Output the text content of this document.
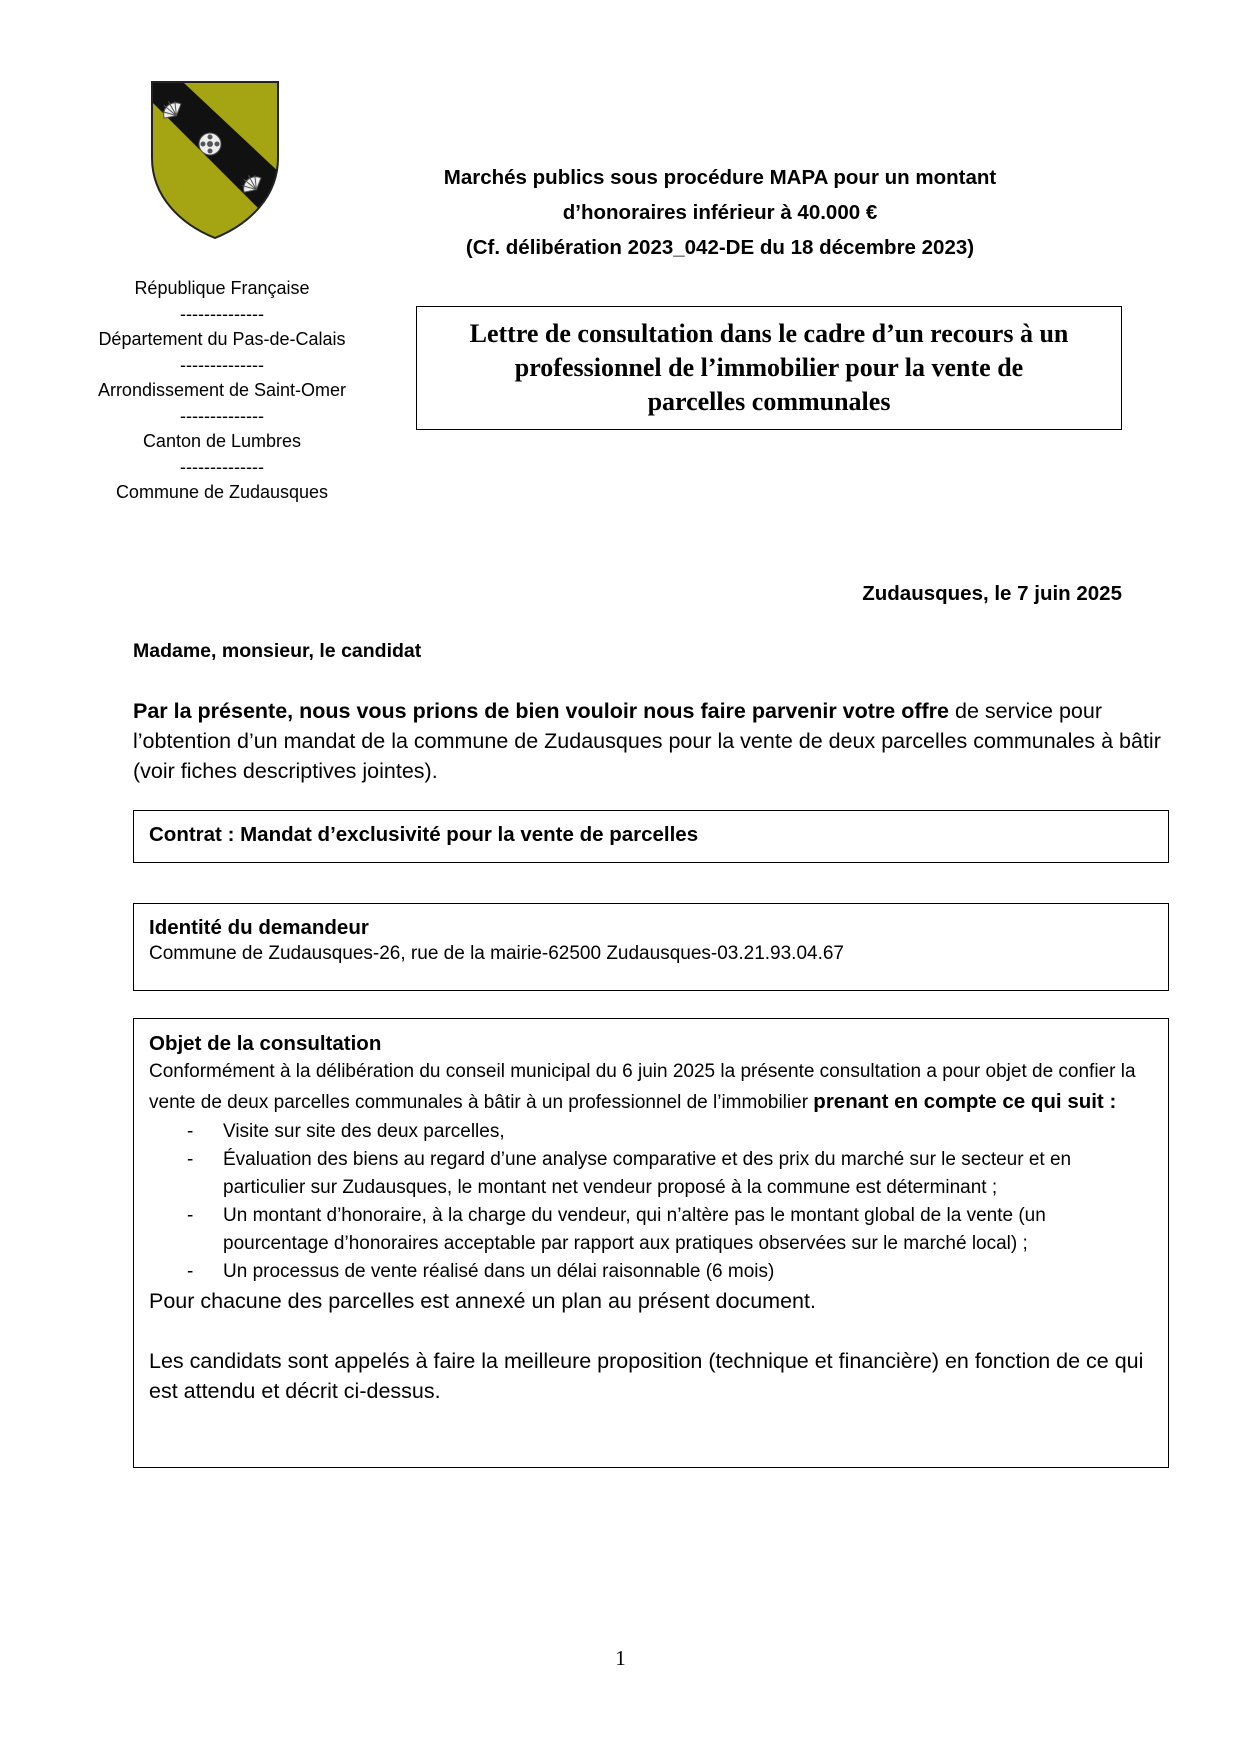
République Française
--------------
Département du Pas-de-Calais
--------------
Arrondissement de Saint-Omer
--------------
Canton de Lumbres
--------------
Commune de Zudausques
Marchés publics sous procédure MAPA pour un montant
d’honoraires inférieur à 40.000 €
(Cf. délibération 2023_042-DE du 18 décembre 2023)
Lettre de consultation dans le cadre d’un recours à un
professionnel de l’immobilier pour la vente de
parcelles communales
Zudausques, le 7 juin 2025
Madame, monsieur, le candidat
Par la présente, nous vous prions de bien vouloir nous faire parvenir votre offre de service pour l’obtention d’un mandat de la commune de Zudausques pour la vente de deux parcelles communales à bâtir (voir fiches descriptives jointes).
Contrat : Mandat d’exclusivité pour la vente de parcelles
Identité du demandeur
Commune de Zudausques-26, rue de la mairie-62500 Zudausques-03.21.93.04.67
Objet de la consultation
Conformément à la délibération du conseil municipal du 6 juin 2025 la présente consultation a pour objet de confier la vente de deux parcelles communales à bâtir à un professionnel de l’immobilier prenant en compte ce qui suit :
- Visite sur site des deux parcelles,
- Évaluation des biens au regard d’une analyse comparative et des prix du marché sur le secteur et en particulier sur Zudausques, le montant net vendeur proposé à la commune est déterminant ;
- Un montant d’honoraire, à la charge du vendeur, qui n’altère pas le montant global de la vente (un pourcentage d’honoraires acceptable par rapport aux pratiques observées sur le marché local) ;
- Un processus de vente réalisé dans un délai raisonnable (6 mois)
Pour chacune des parcelles est annexé un plan au présent document.
Les candidats sont appelés à faire la meilleure proposition (technique et financière) en fonction de ce qui est attendu et décrit ci-dessus.
1
